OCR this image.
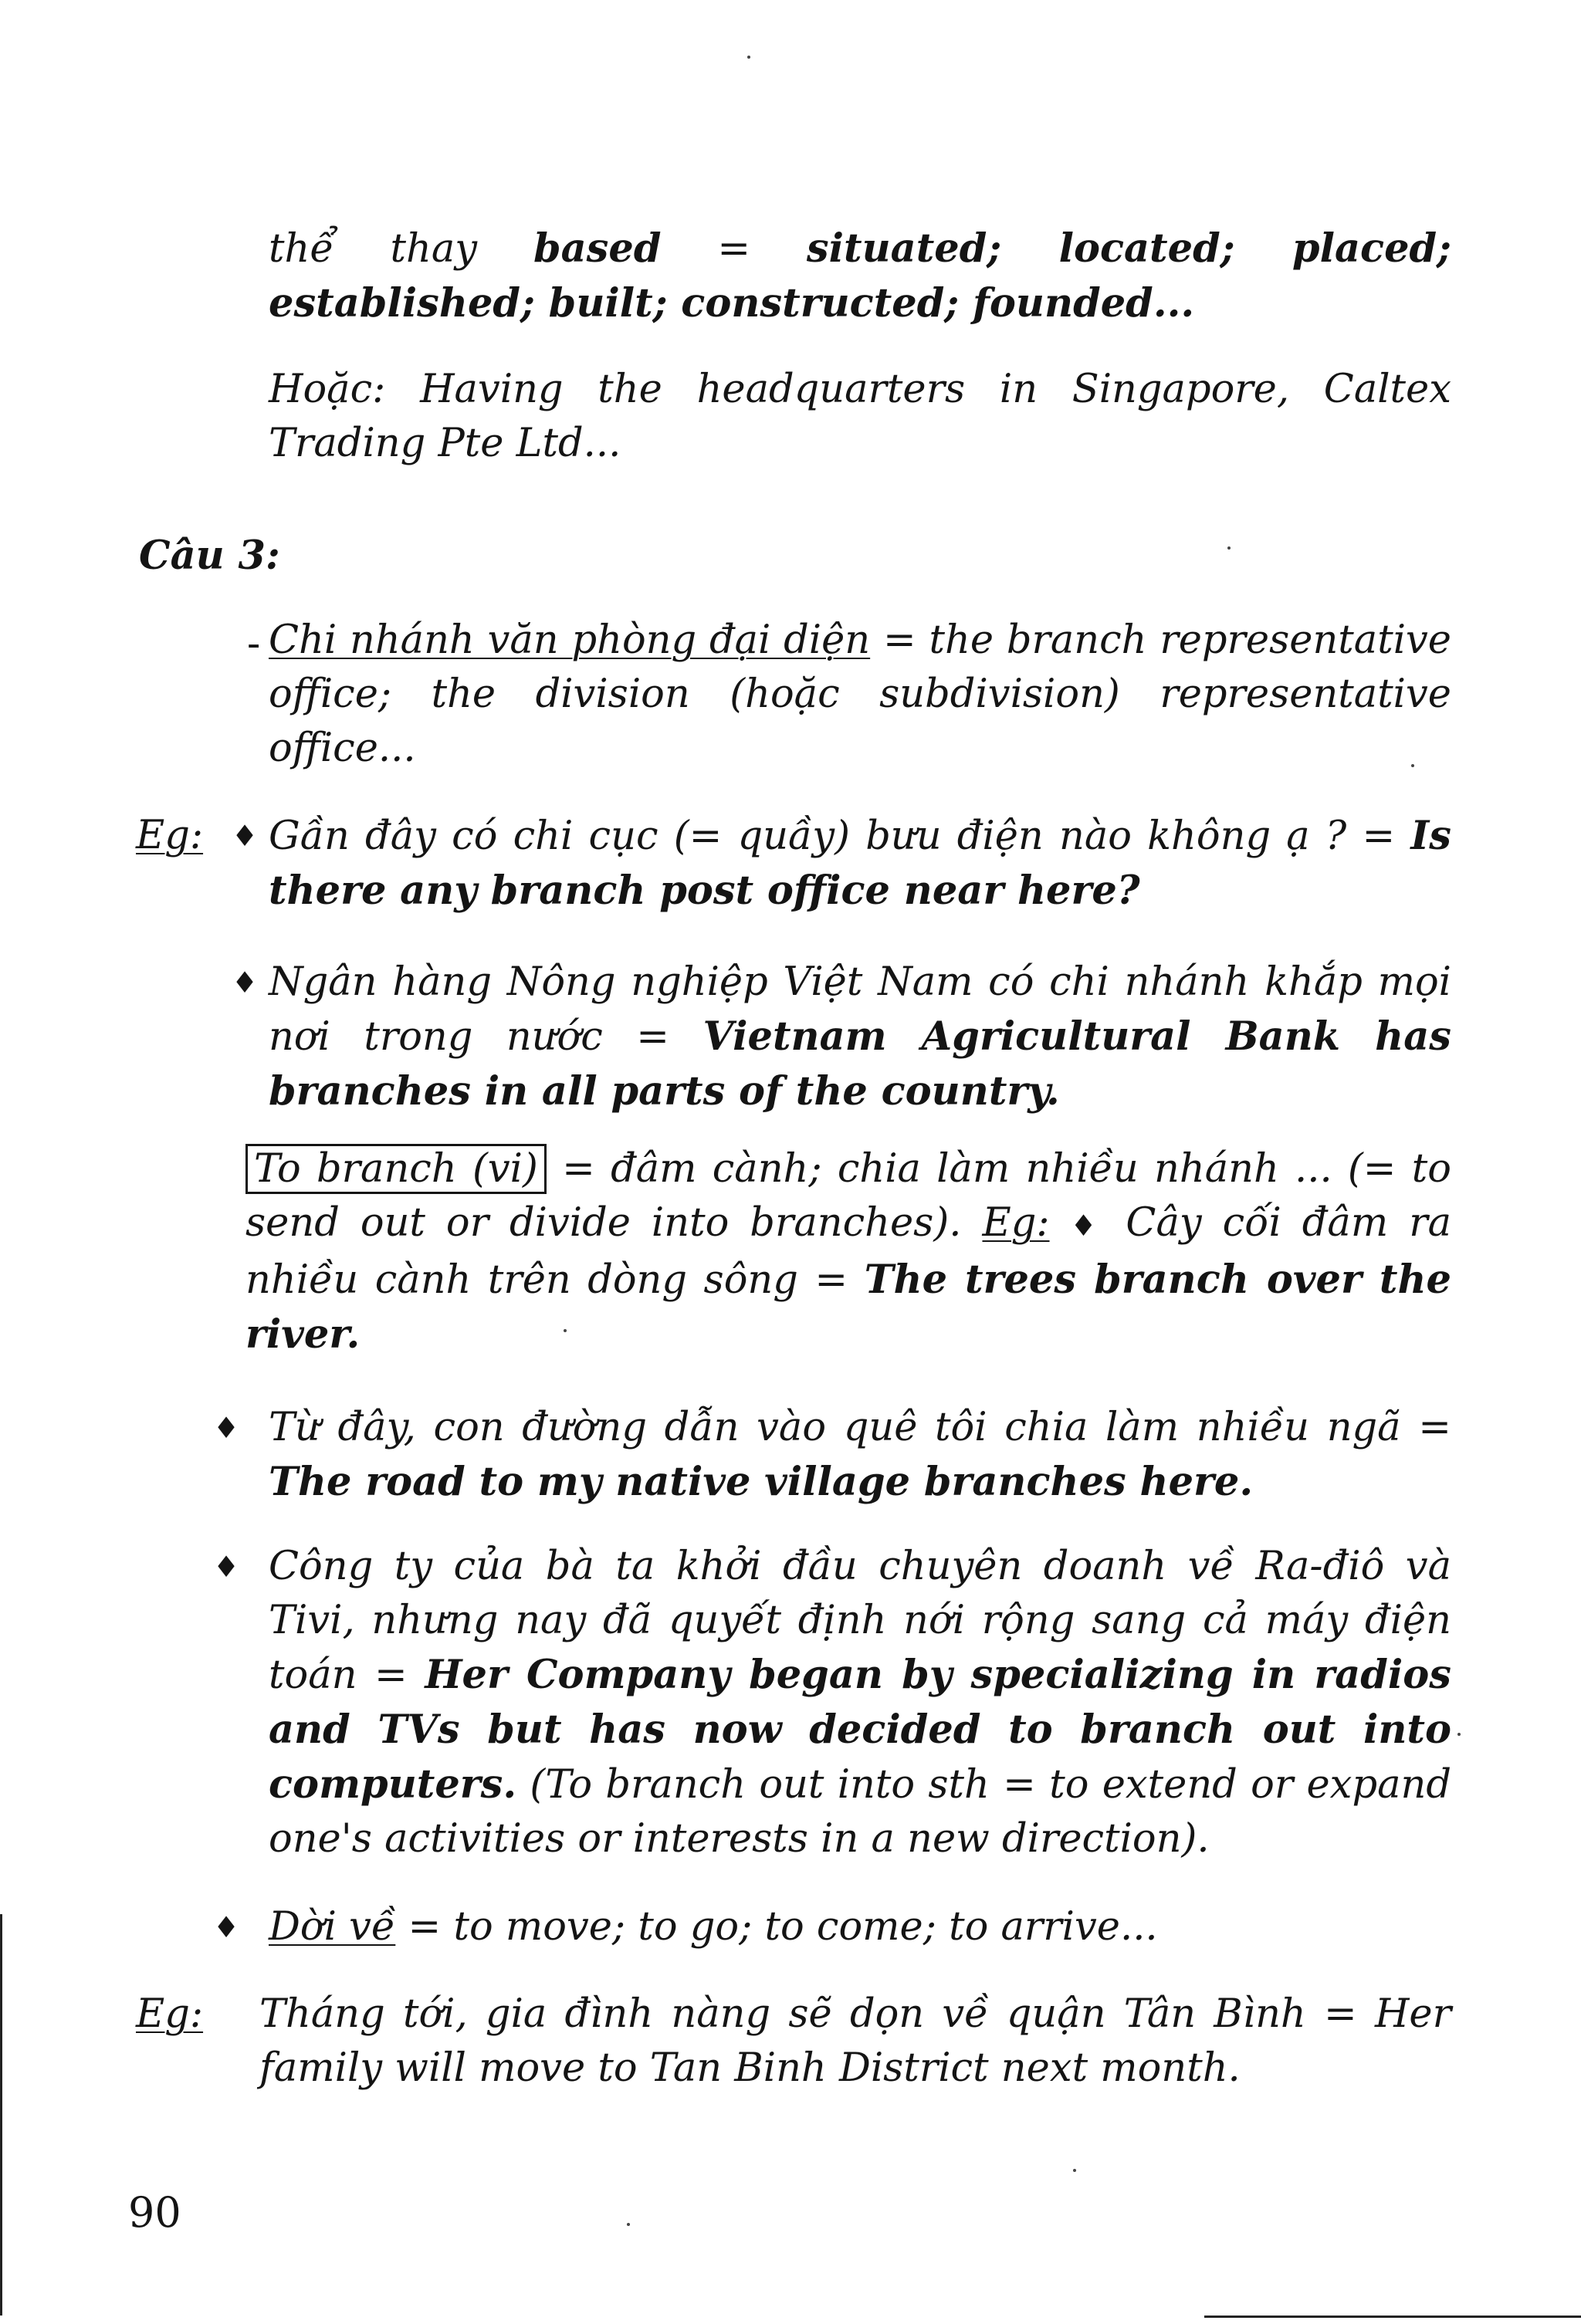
thể thay based = situated; located; placed; established; built; constructed; founded...
Hoặc: Having the headquarters in Singapore, Caltex Trading Pte Ltd...
Câu 3:
- Chi nhánh văn phòng đại diện = the branch representative office; the division (hoặc subdivision) representative office...
Eg: ♦ Gần đây có chi cục (= quầy) bưu điện nào không ạ ? = Is there any branch post office near here?
♦ Ngân hàng Nông nghiệp Việt Nam có chi nhánh khắp mọi nơi trong nước = Vietnam Agricultural Bank has branches in all parts of the country.
To branch (vi) = đâm cành; chia làm nhiều nhánh ... (= to send out or divide into branches). Eg: ♦ Cây cối đâm ra nhiều cành trên dòng sông = The trees branch over the river.
♦ Từ đây, con đường dẫn vào quê tôi chia làm nhiều ngã = The road to my native village branches here.
♦ Công ty của bà ta khởi đầu chuyên doanh về Ra-điô và Tivi, nhưng nay đã quyết định nới rộng sang cả máy điện toán = Her Company began by specializing in radios and TVs but has now decided to branch out into computers. (To branch out into sth = to extend or expand one's activities or interests in a new direction).
♦ Dời về = to move; to go; to come; to arrive...
Eg: Tháng tới, gia đình nàng sẽ dọn về quận Tân Bình = Her family will move to Tan Binh District next month.
90
